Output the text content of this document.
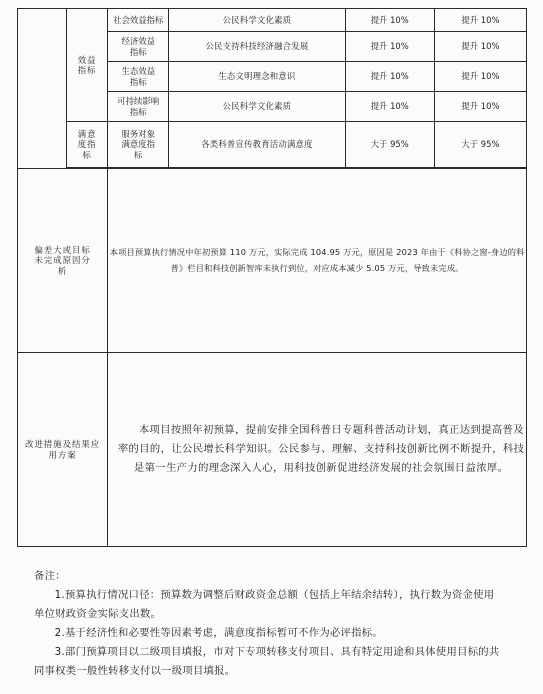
	效益指标	社会效益指标	公民科学文化素质	提升 10%	提升 10%
		经济效益指标	公民支持科技经济融合发展	提升 10%	提升 10%
		生态效益指标	生态文明理念和意识	提升 10%	提升 10%
		可持续影响指标	公民科学文化素质	提升 10%	提升 10%
	满意度指标	服务对象满意度指标	各类科普宣传教育活动满意度	大于 95%	大于 95%

偏差大或目标未完成原因分析		本项目预算执行情况中年初预算 110 万元，实际完成 104.95 万元，原因是 2023 年由于《科协之窗-身边的科普》栏目和科技创新智库未执行到位，对应成本减少 5.05 万元，导致未完成。			

改进措施及结果应用方案		本项目按照年初预算，提前安排全国科普日专题科普活动计划，真正达到提高普及率的目的，让公民增长科学知识。公民参与、理解、支持科技创新比例不断提升，科技是第一生产力的理念深入人心，用科技创新促进经济发展的社会氛围日益浓厚。			

备注：

1.预算执行情况口径：预算数为调整后财政资金总额（包括上年结余结转），执行数为资金使用单位财政资金实际支出数。

2.基于经济性和必要性等因素考虑，满意度指标暂可不作为必评指标。

3.部门预算项目以二级项目填报，市对下专项转移支付项目、具有特定用途和具体使用目标的共同事权类一般性转移支付以一级项目填报。
